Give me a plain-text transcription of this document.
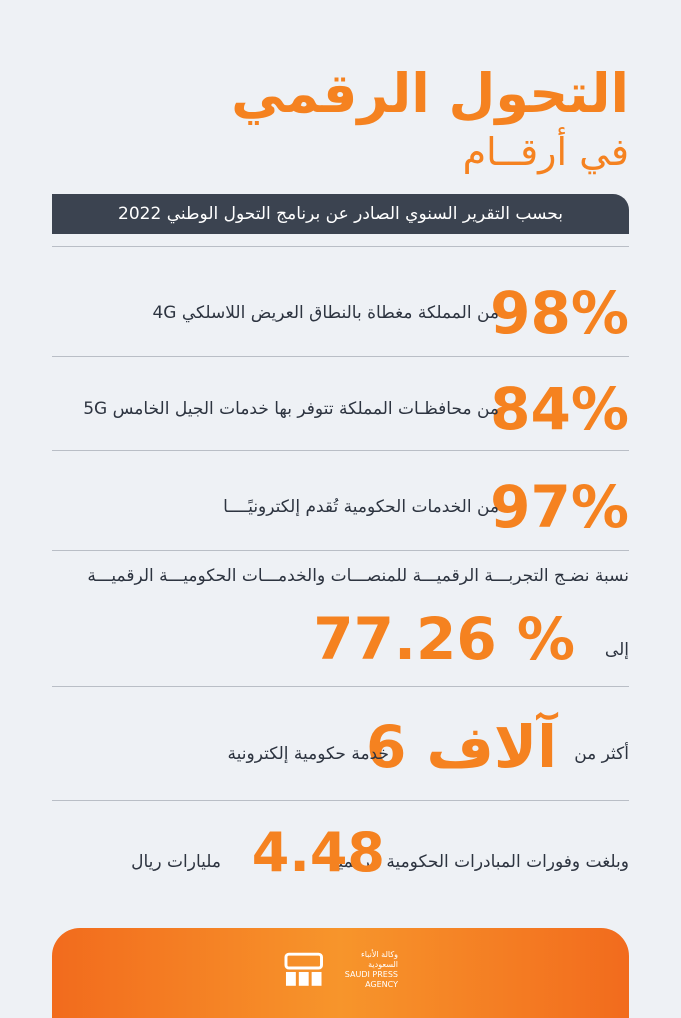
التحول الرقمي
في أرقــام
بحسب التقرير السنوي الصادر عن برنامج التحول الوطني 2022
98%
من المملكة مغطاة بالنطاق العريض اللاسلكي 4G
84%
من محافظـات المملكة تتوفر بها خدمات الجيل الخامس 5G
97%
من الخدمات الحكومية تُقدم إلكترونيًــــا
نسبة نضـج التجربـــة الرقميـــة للمنصـــات والخدمـــات الحكوميـــة الرقميـــة
إلى
77.26 %
أكثر من
6 آلاف
خدمة حكومية إلكترونية
وبلغت وفورات المبادرات الحكومية الرقمية
4.48
مليارات ريال
وكالة الأنباء السعودية
SAUDI PRESS
AGENCY
